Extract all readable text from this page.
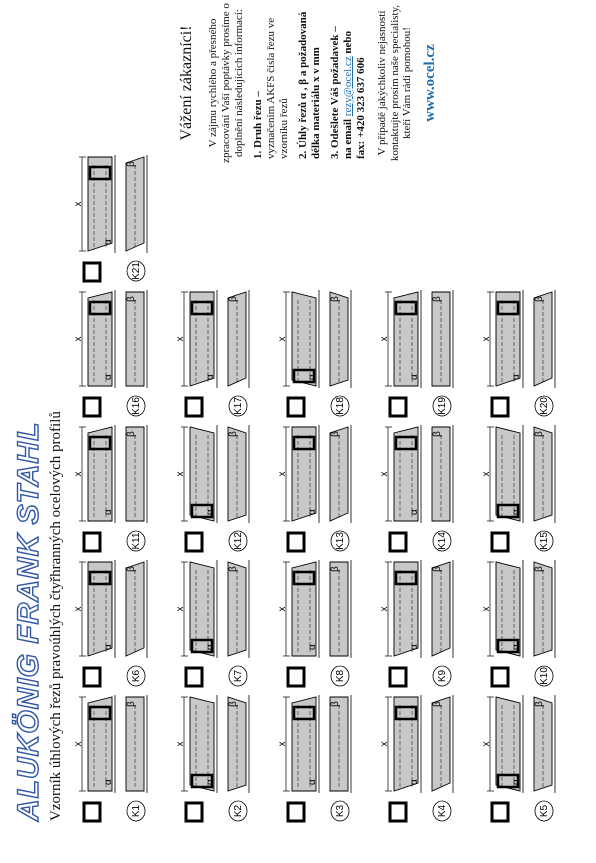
ALUKÖNIG FRANK STAHL Vzorník úhlových řezů pravoúhlých čtyřhranných ocelových profilů	K1
x
α
β
K2
x
α
β
K3
x
α
β
K4
x
α
β
K5
x
α
β
K6
x
α
β
K7
x
α
β
K8
x
α
β
K9
x
α
β
K10
x
α
β
K11
x
α
β
K12
x
α
β
K13
x
α
β
K14
x
α
β
K15
x
α
β
K16
x
α
β
K17
x
α
β
K18
x
α
β
K19
x
α
β
K20
x
α
β
K21
x
α
β
Vážení zákazníci! V zájmu rychlého a přesného zpracování Vaší poptávky prosíme o doplnění následujících informací: 1. Druh řezu –
vyznačením AKFS čísla řezu ve vzorníku řezů 2. Úhly řezů α , β a požadovaná délka materiálu x v mm 3. Odešlete Váš požadavek –
na email rezy@ocel.cz nebo
fax: +420 323 637 606 V případě jakýchkoliv nejasností kontaktujte prosím naše specialisty, kteří Vám rádi pomohou! www.ocel.cz
